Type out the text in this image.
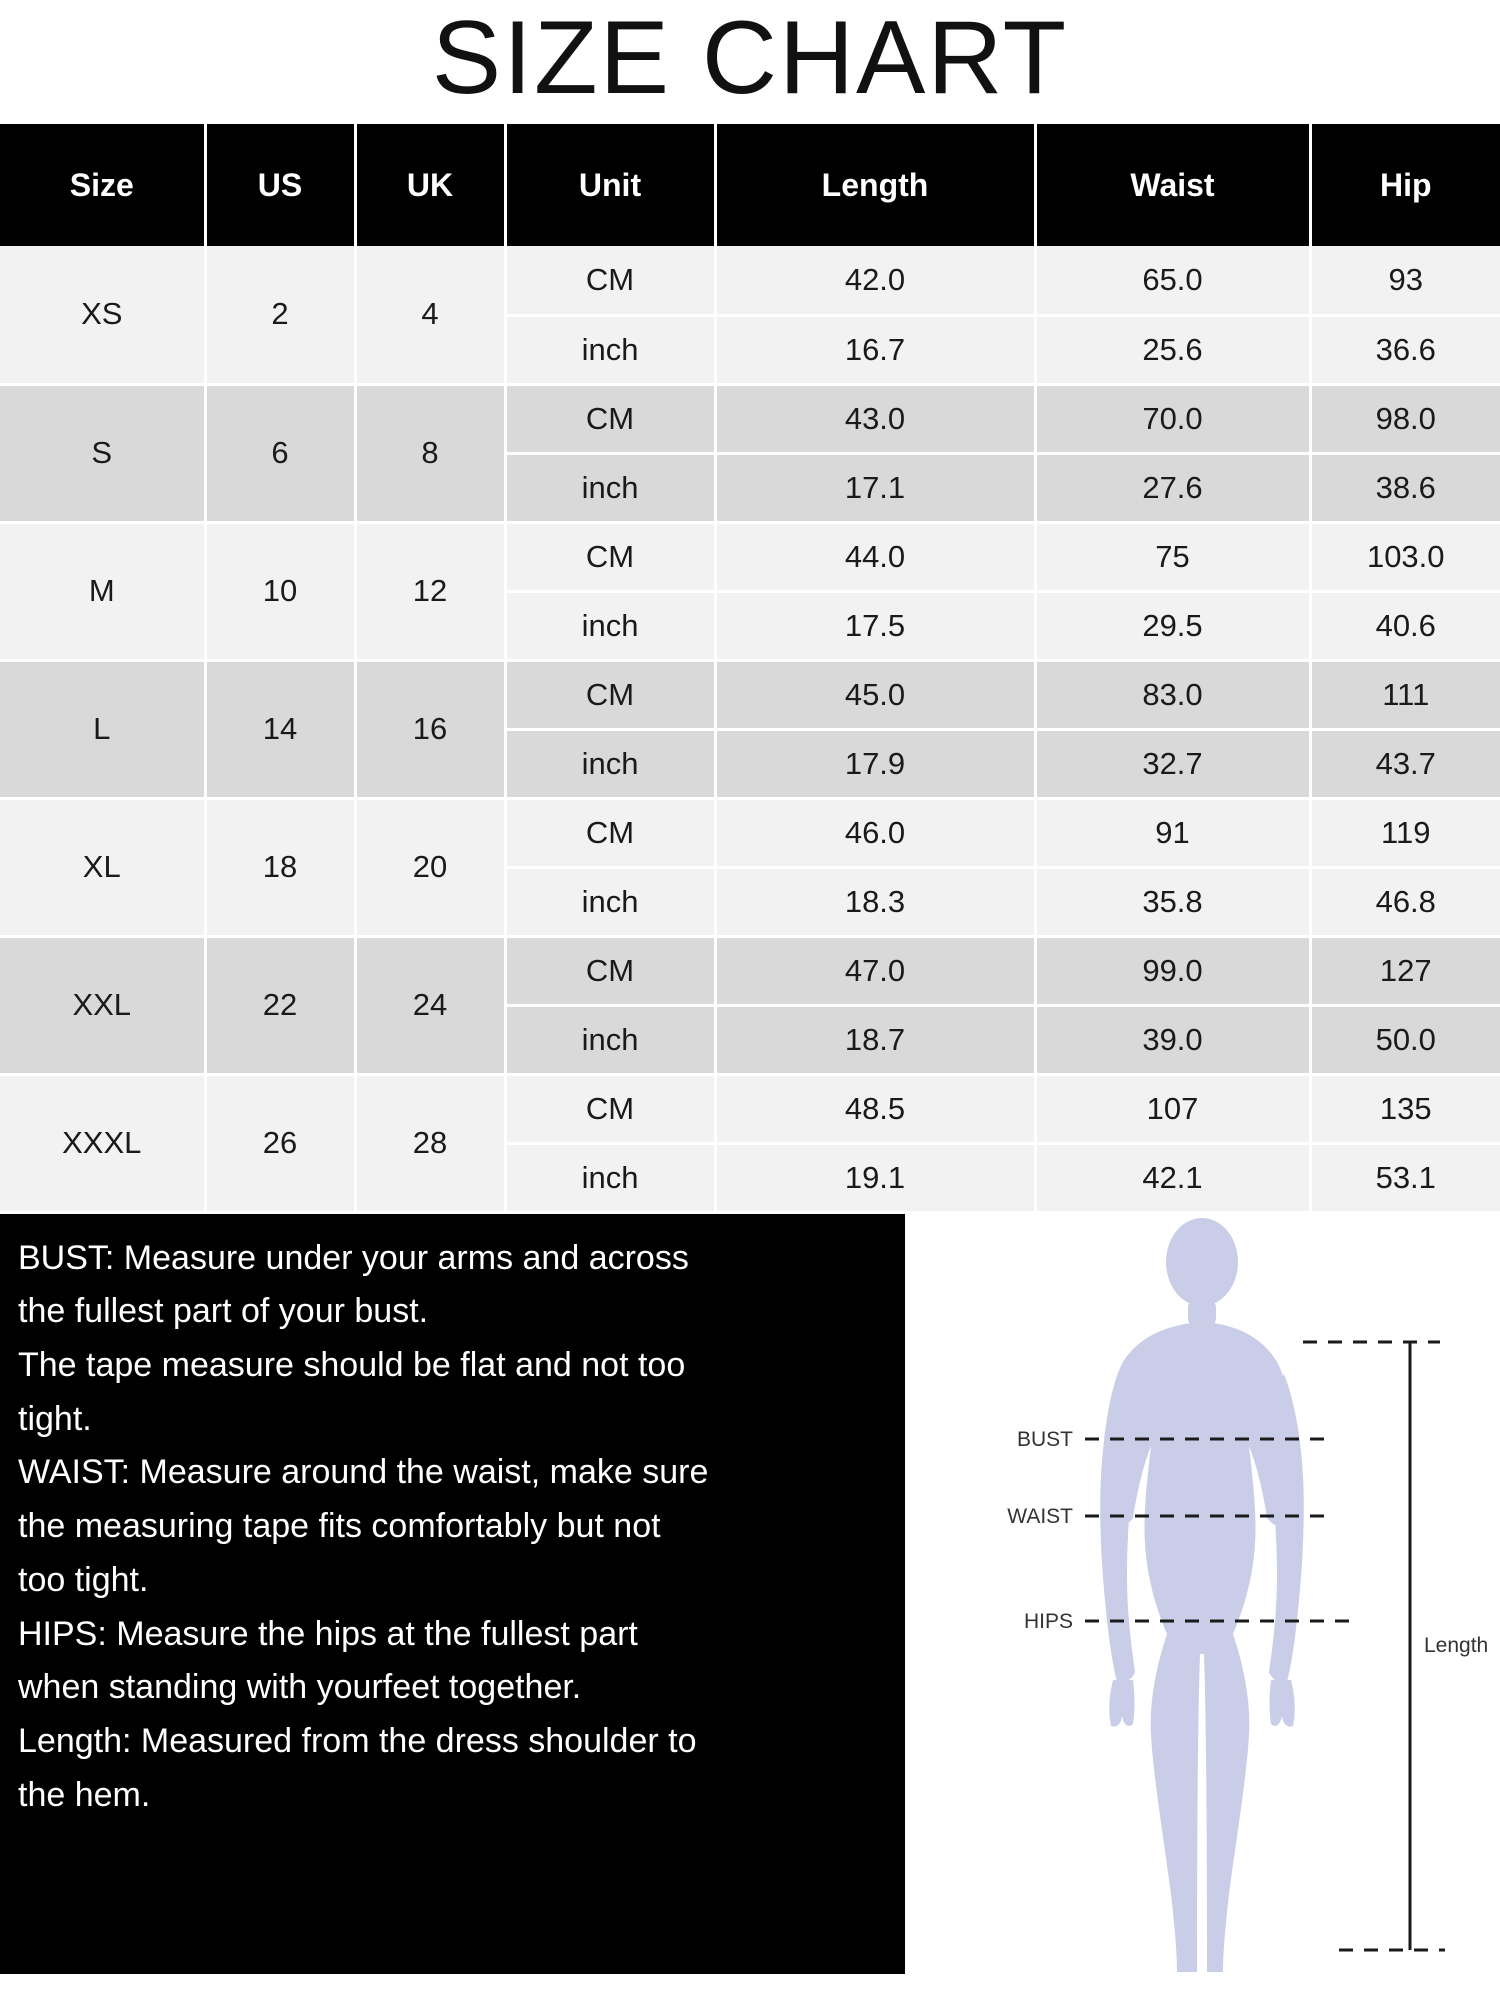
SIZE CHART
Size	US	UK	Unit	Length	Waist	Hip
XS	2	4	CM	42.0	65.0	93
			inch	16.7	25.6	36.6
S	6	8	CM	43.0	70.0	98.0
			inch	17.1	27.6	38.6
M	10	12	CM	44.0	75	103.0
			inch	17.5	29.5	40.6
L	14	16	CM	45.0	83.0	111
			inch	17.9	32.7	43.7
XL	18	20	CM	46.0	91	119
			inch	18.3	35.8	46.8
XXL	22	24	CM	47.0	99.0	127
			inch	18.7	39.0	50.0
XXXL	26	28	CM	48.5	107	135
			inch	19.1	42.1	53.1

BUST: Measure under your arms and across

the fullest part of your bust.

The tape measure should be flat and not too

tight.

WAIST: Measure around the waist, make sure

the measuring tape fits comfortably but not

too tight.

HIPS: Measure the hips at the fullest part

when standing with yourfeet together.

Length: Measured from the dress shoulder to

the hem.

Length
BUST
WAIST
HIPS
